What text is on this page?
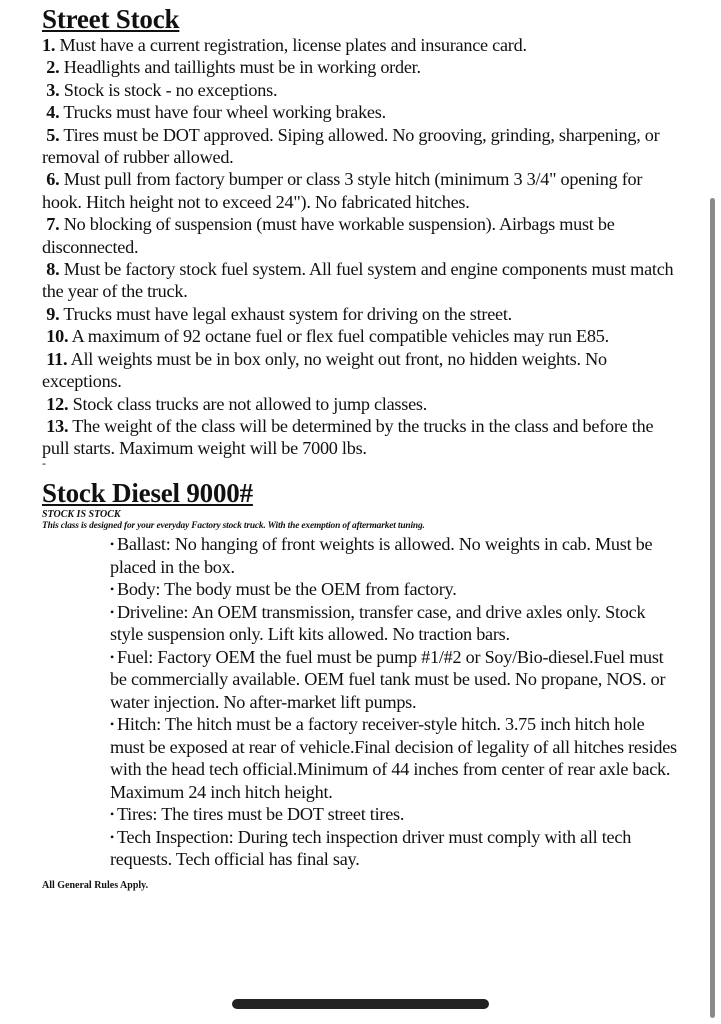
Street Stock

1. Must have a current registration, license plates and insurance card.

2. Headlights and taillights must be in working order.

3. Stock is stock - no exceptions.

4. Trucks must have four wheel working brakes.

5. Tires must be DOT approved. Siping allowed. No grooving, grinding, sharpening, or removal of rubber allowed.

6. Must pull from factory bumper or class 3 style hitch (minimum 3 3/4" opening for hook. Hitch height not to exceed 24"). No fabricated hitches.

7. No blocking of suspension (must have workable suspension). Airbags must be disconnected.

8. Must be factory stock fuel system. All fuel system and engine components must match the year of the truck.

9. Trucks must have legal exhaust system for driving on the street.

10. A maximum of 92 octane fuel or flex fuel compatible vehicles may run E85.

11. All weights must be in box only, no weight out front, no hidden weights. No exceptions.

12. Stock class trucks are not allowed to jump classes.

13. The weight of the class will be determined by the trucks in the class and before the pull starts. Maximum weight will be 7000 lbs.

-
Stock Diesel 9000#
STOCK IS STOCK
This class is designed for your everyday Factory stock truck. With the exemption of aftermarket tuning.

• Ballast: No hanging of front weights is allowed. No weights in cab. Must be placed in the box.

• Body: The body must be the OEM from factory.

• Driveline: An OEM transmission, transfer case, and drive axles only. Stock style suspension only. Lift kits allowed. No traction bars.

• Fuel: Factory OEM the fuel must be pump #1/#2 or Soy/Bio-diesel.Fuel must be commercially available. OEM fuel tank must be used. No propane, NOS. or water injection. No after-market lift pumps.

• Hitch: The hitch must be a factory receiver-style hitch. 3.75 inch hitch hole must be exposed at rear of vehicle.Final decision of legality of all hitches resides with the head tech official.Minimum of 44 inches from center of rear axle back. Maximum 24 inch hitch height.

• Tires: The tires must be DOT street tires.

• Tech Inspection: During tech inspection driver must comply with all tech requests. Tech official has final say.

All General Rules Apply.
